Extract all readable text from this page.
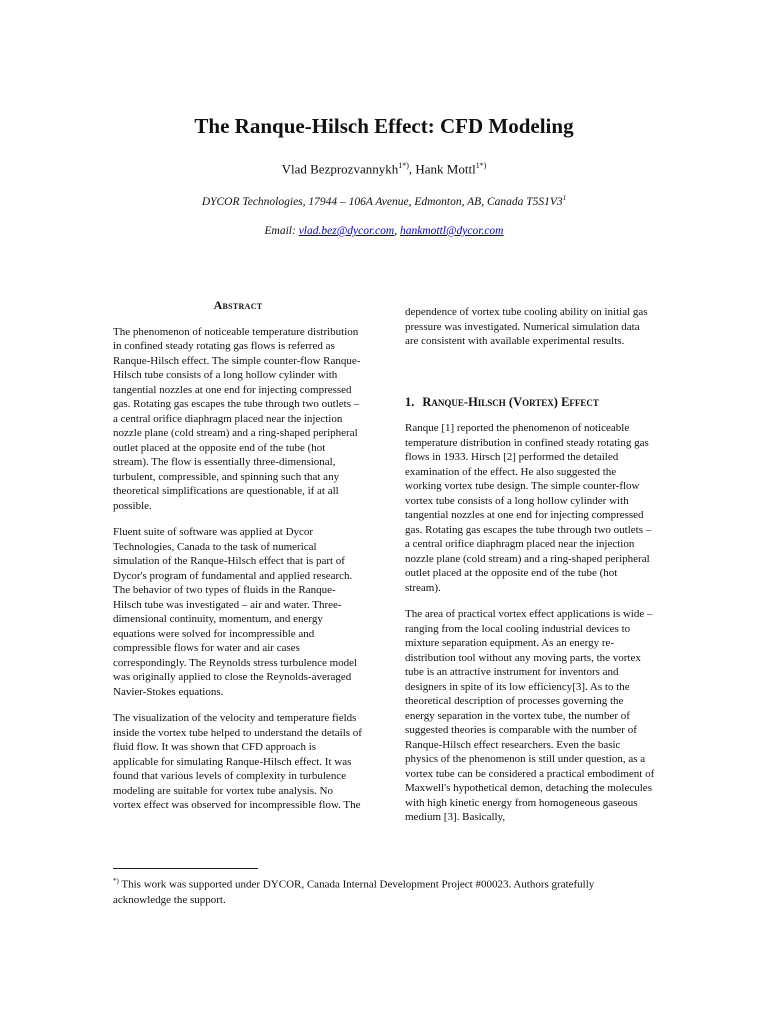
The Ranque-Hilsch Effect: CFD Modeling

Vlad Bezprozvannykh$^{1*)}$, Hank Mottl$^{1*)}$

DYCOR Technologies, 17944 – 106A Avenue, Edmonton, AB, Canada $T5S1V3^1$

Email: vlad.bez@dycor.com, hankmottl@dycor.com

Abstract

The phenomenon of noticeable temperature distribution in confined steady rotating gas flows is referred as Ranque-Hilsch effect. The simple counter-flow Ranque-Hilsch tube consists of a long hollow cylinder with tangential nozzles at one end for injecting compressed gas. Rotating gas escapes the tube through two outlets – a central orifice diaphragm placed near the injection nozzle plane (cold stream) and a ring-shaped peripheral outlet placed at the opposite end of the tube (hot stream). The flow is essentially three-dimensional, turbulent, compressible, and spinning such that any theoretical simplifications are questionable, if at all possible.

Fluent suite of software was applied at Dycor Technologies, Canada to the task of numerical simulation of the Ranque-Hilsch effect that is part of Dycor's program of fundamental and applied research. The behavior of two types of fluids in the Ranque-Hilsch tube was investigated – air and water. Three-dimensional continuity, momentum, and energy equations were solved for incompressible and compressible flows for water and air cases correspondingly. The Reynolds stress turbulence model was originally applied to close the Reynolds-averaged Navier-Stokes equations.

The visualization of the velocity and temperature fields inside the vortex tube helped to understand the details of fluid flow. It was shown that CFD approach is applicable for simulating Ranque-Hilsch effect. It was found that various levels of complexity in turbulence modeling are suitable for vortex tube analysis. No vortex effect was observed for incompressible flow. The

dependence of vortex tube cooling ability on initial gas pressure was investigated. Numerical simulation data are consistent with available experimental results.

1. Ranque-Hilsch (Vortex) Effect

Ranque [1] reported the phenomenon of noticeable temperature distribution in confined steady rotating gas flows in 1933. Hirsch [2] performed the detailed examination of the effect. He also suggested the working vortex tube design. The simple counter-flow vortex tube consists of a long hollow cylinder with tangential nozzles at one end for injecting compressed gas. Rotating gas escapes the tube through two outlets – a central orifice diaphragm placed near the injection nozzle plane (cold stream) and a ring-shaped peripheral outlet placed at the opposite end of the tube (hot stream).

The area of practical vortex effect applications is wide – ranging from the local cooling industrial devices to mixture separation equipment. As an energy re-distribution tool without any moving parts, the vortex tube is an attractive instrument for inventors and designers in spite of its low efficiency[3]. As to the theoretical description of processes governing the energy separation in the vortex tube, the number of suggested theories is comparable with the number of Ranque-Hilsch effect researchers. Even the basic physics of the phenomenon is still under question, as a vortex tube can be considered a practical embodiment of Maxwell's hypothetical demon, detaching the molecules with high kinetic energy from homogeneous gaseous medium [3]. Basically,

*) This work was supported under DYCOR, Canada Internal Development Project #00023. Authors gratefully acknowledge the support.
